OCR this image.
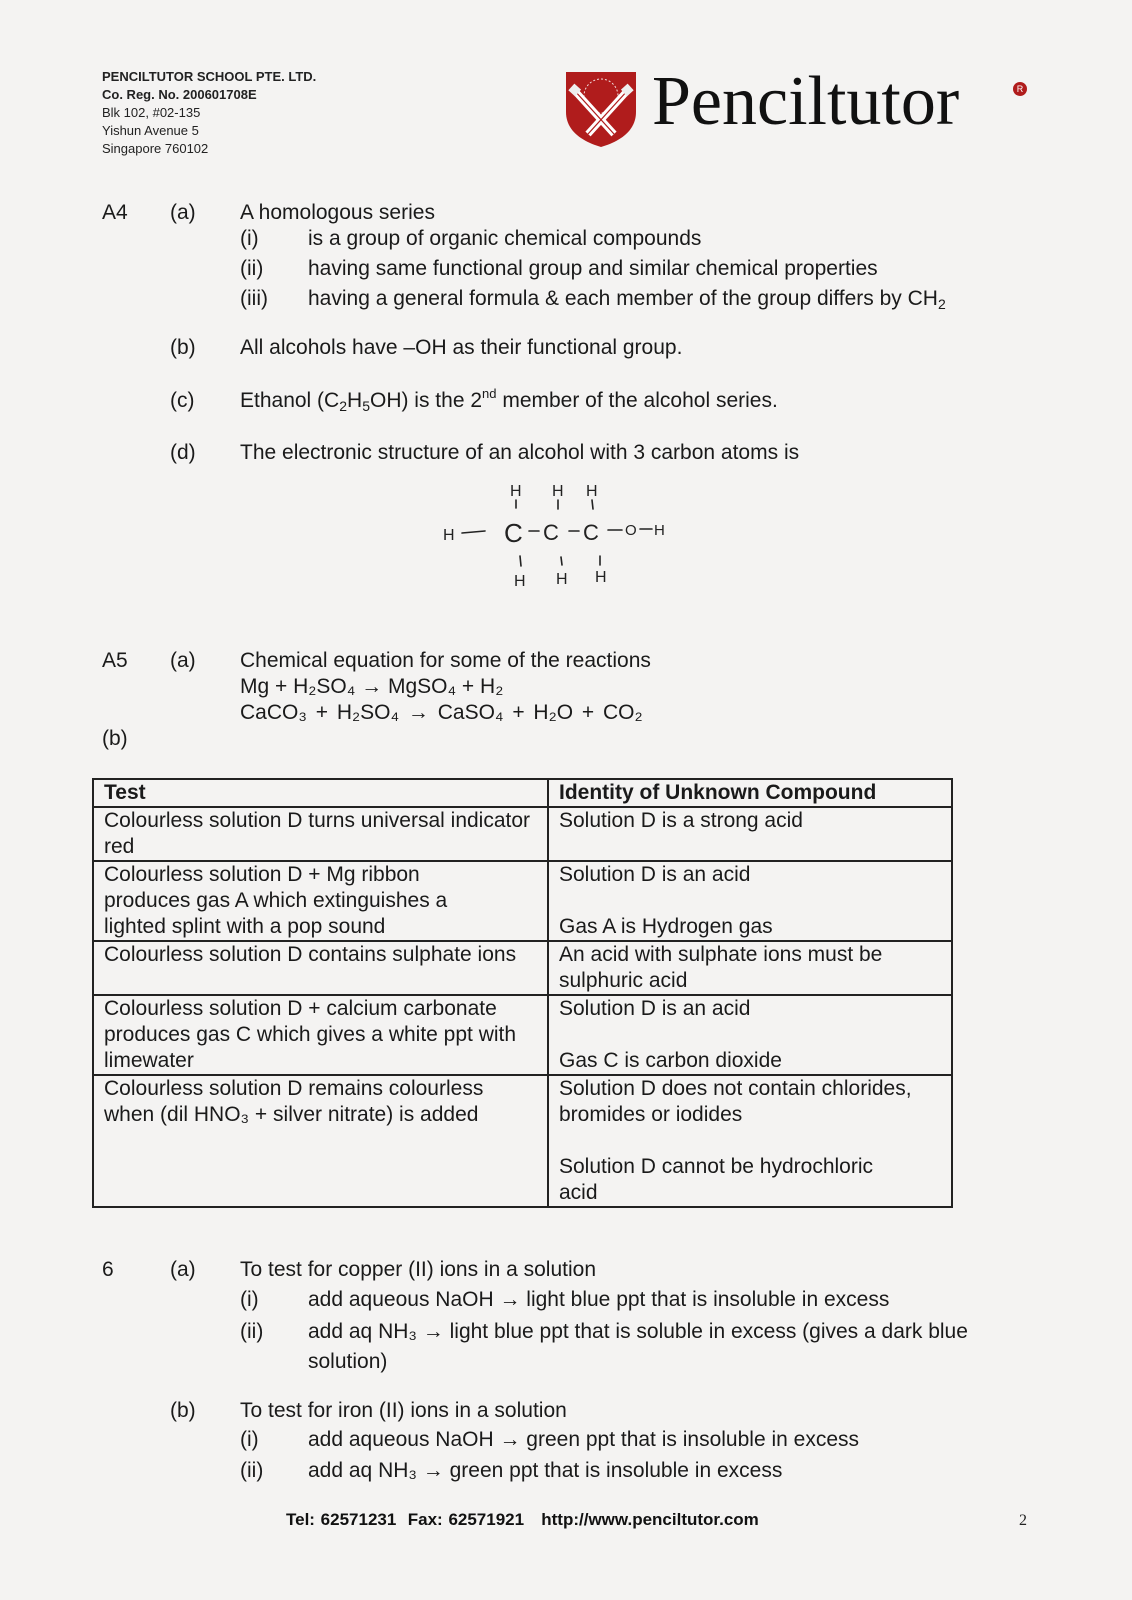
PENCILTUTOR SCHOOL PTE. LTD.
Co. Reg. No. 200601708E
Blk 102, #02-135
Yishun Avenue 5
Singapore 760102
Penciltutor	R
A4 (a) A homologous series
(i) is a group of organic chemical compounds
(ii) having same functional group and similar chemical properties
(iii) having a general formula & each member of the group differs by $CH_2$
(b) All alcohols have –OH as their functional group.
(c) Ethanol $(C_2H_5OH)$ is the 2nd member of the alcohol series.
(d) The electronic structure of an alcohol with 3 carbon atoms is
H H H
H C C C O H
H H H
A5 (a) Chemical equation for some of the reactions
Mg + H₂SO₄ → MgSO₄ + H₂
CaCO₃ + H₂SO₄ → CaSO₄ + H₂O + CO₂
(b)
Test	Identity of Unknown Compound
Colourless solution D turns universal indicator red	Solution D is a strong acid
Colourless solution D + Mg ribbon produces gas A which extinguishes a lighted splint with a pop sound	Solution D is an acid
Gas A is Hydrogen gas
Colourless solution D contains sulphate ions	An acid with sulphate ions must be sulphuric acid
Colourless solution D + calcium carbonate produces gas C which gives a white ppt with limewater	Solution D is an acid
Gas C is carbon dioxide
Colourless solution D remains colourless when (dil HNO₃ + silver nitrate) is added	Solution D does not contain chlorides, bromides or iodides
Solution D cannot be hydrochloric acid
6	(a) To test for copper (II) ions in a solution
(i) add aqueous NaOH → light blue ppt that is insoluble in excess
(ii) add aq NH₃ → light blue ppt that is soluble in excess (gives a dark blue
solution)
(b) To test for iron (II) ions in a solution
(i) add aqueous NaOH → green ppt that is insoluble in excess
(ii) add aq NH₃ → green ppt that is insoluble in excess
Tel: 62571231  Fax: 62571921   http://www.penciltutor.com	2
